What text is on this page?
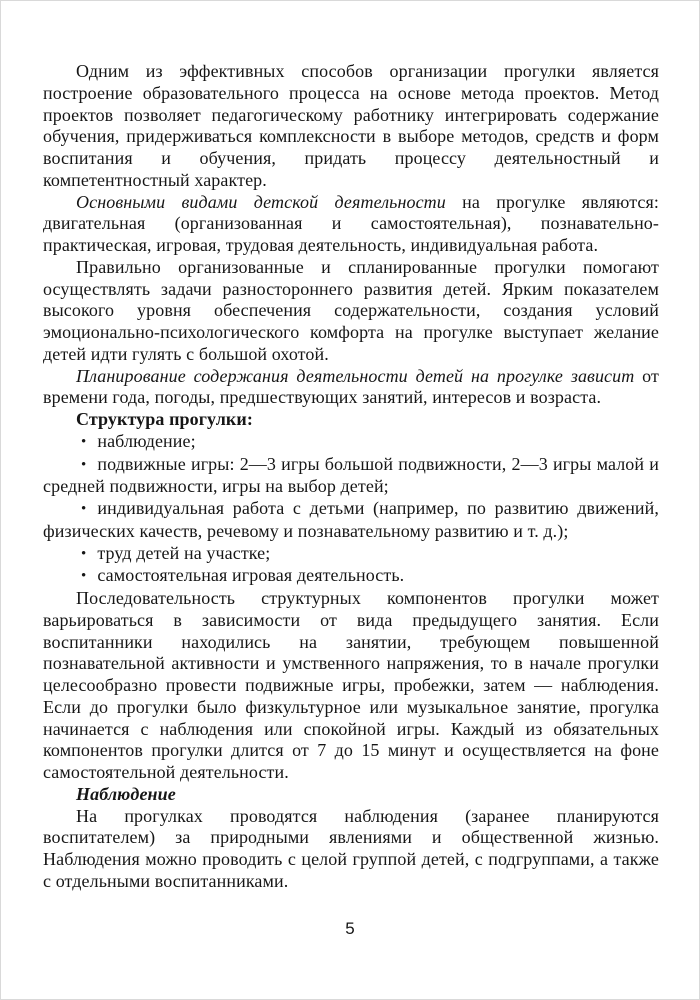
Одним из эффективных способов организации прогулки является построение образовательного процесса на основе метода проектов. Метод проектов позволяет педагогическому работнику интегрировать содержание обучения, придерживаться комплексности в выборе методов, средств и форм воспитания и обучения, придать процессу деятельностный и компетентностный характер.

Основными видами детской деятельности на прогулке являются: двигательная (организованная и самостоятельная), познавательно-практическая, игровая, трудовая деятельность, индивидуальная работа.

Правильно организованные и спланированные прогулки помогают осуществлять задачи разностороннего развития детей. Ярким показателем высокого уровня обеспечения содержательности, создания условий эмоционально-психологического комфорта на прогулке выступает желание детей идти гулять с большой охотой.

Планирование содержания деятельности детей на прогулке зависит от времени года, погоды, предшествующих занятий, интересов и возраста.

Структура прогулки:

• наблюдение;

• подвижные игры: 2—3 игры большой подвижности, 2—3 игры малой и средней подвижности, игры на выбор детей;

• индивидуальная работа с детьми (например, по развитию движений, физических качеств, речевому и познавательному развитию и т. д.);

• труд детей на участке;

• самостоятельная игровая деятельность.

Последовательность структурных компонентов прогулки может варьироваться в зависимости от вида предыдущего занятия. Если воспитанники находились на занятии, требующем повышенной познавательной активности и умственного напряжения, то в начале прогулки целесообразно провести подвижные игры, пробежки, затем — наблюдения. Если до прогулки было физкультурное или музыкальное занятие, прогулка начинается с наблюдения или спокойной игры. Каждый из обязательных компонентов прогулки длится от 7 до 15 минут и осуществляется на фоне самостоятельной деятельности.

Наблюдение

На прогулках проводятся наблюдения (заранее планируются воспитателем) за природными явлениями и общественной жизнью. Наблюдения можно проводить с целой группой детей, с подгруппами, а также с отдельными воспитанниками.

5
